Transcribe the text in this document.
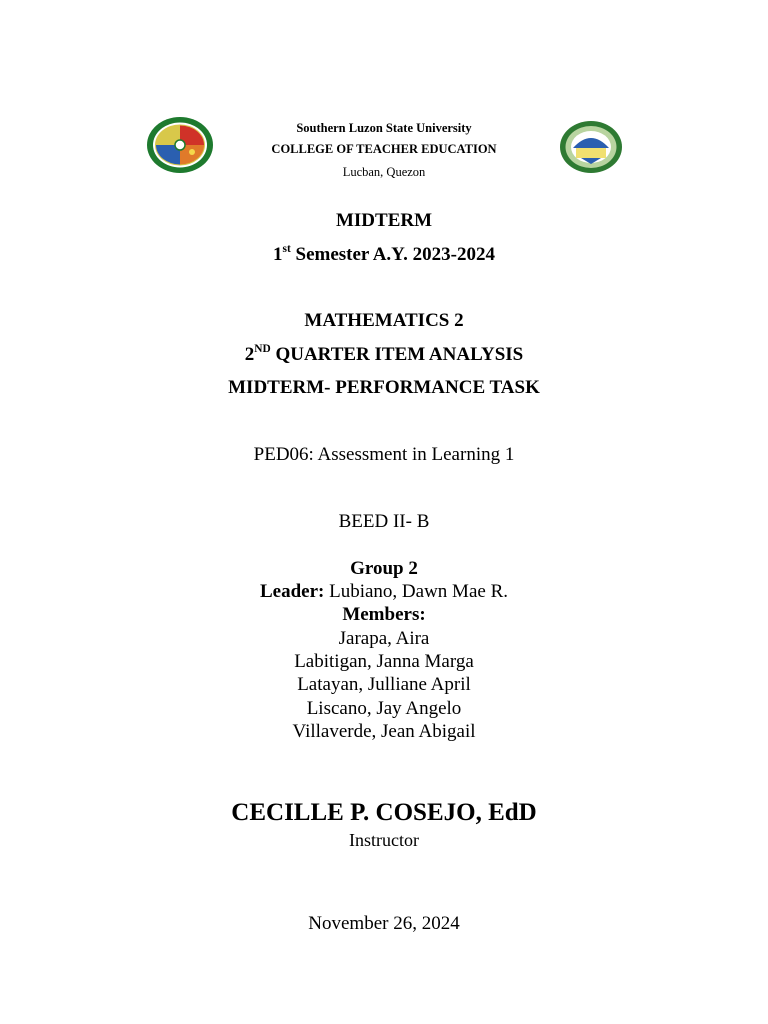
Southern Luzon State University
COLLEGE OF TEACHER EDUCATION
Lucban, Quezon
MIDTERM
1st Semester A.Y. 2023-2024
MATHEMATICS 2
2ND QUARTER ITEM ANALYSIS
MIDTERM- PERFORMANCE TASK
PED06: Assessment in Learning 1
BEED II- B
Group 2
Leader: Lubiano, Dawn Mae R.
Members:
Jarapa, Aira
Labitigan, Janna Marga
Latayan, Julliane April
Liscano, Jay Angelo
Villaverde, Jean Abigail
CECILLE P. COSEJO, EdD
Instructor
November 26, 2024
